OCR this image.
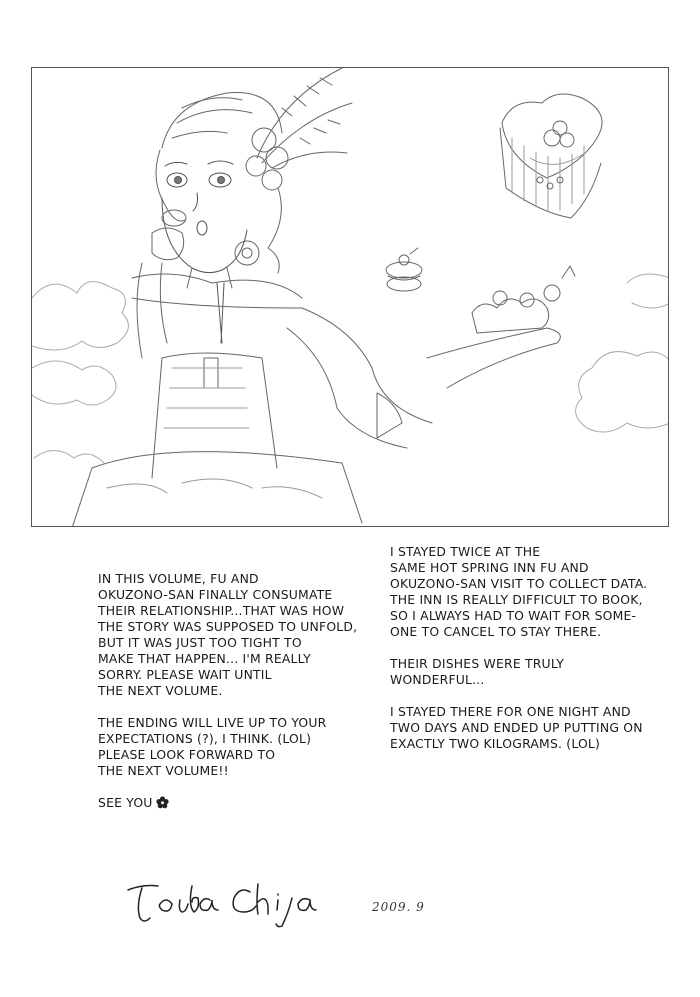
IN THIS VOLUME, FU AND
OKUZONO-SAN FINALLY CONSUMATE
THEIR RELATIONSHIP...THAT WAS HOW
THE STORY WAS SUPPOSED TO UNFOLD,
BUT IT WAS JUST TOO TIGHT TO
MAKE THAT HAPPEN... I'M REALLY
SORRY. PLEASE WAIT UNTIL
THE NEXT VOLUME.

THE ENDING WILL LIVE UP TO YOUR
EXPECTATIONS (?), I THINK. (LOL)
PLEASE LOOK FORWARD TO
THE NEXT VOLUME!!

SEE YOU

I STAYED TWICE AT THE
SAME HOT SPRING INN FU AND
OKUZONO-SAN VISIT TO COLLECT DATA.
THE INN IS REALLY DIFFICULT TO BOOK,
SO I ALWAYS HAD TO WAIT FOR SOME-
ONE TO CANCEL TO STAY THERE.

THEIR DISHES WERE TRULY WONDERFUL...

I STAYED THERE FOR ONE NIGHT AND
TWO DAYS AND ENDED UP PUTTING ON
EXACTLY TWO KILOGRAMS. (LOL)

2009. 9
